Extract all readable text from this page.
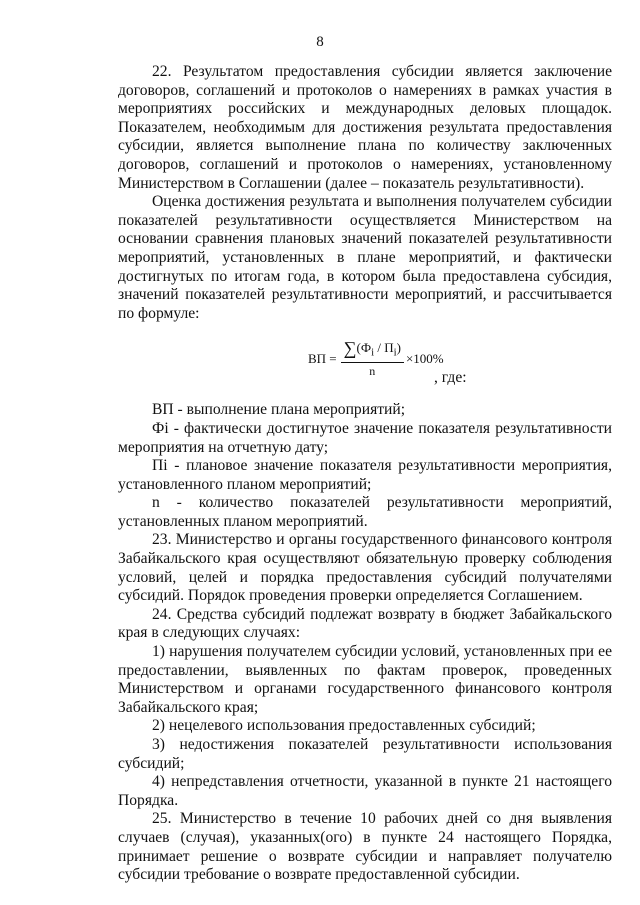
8

22. Результатом предоставления субсидии является заключение договоров, соглашений и протоколов о намерениях в рамках участия в мероприятиях российских и международных деловых площадок. Показателем, необходимым для достижения результата предоставления субсидии, является выполнение плана по количеству заключенных договоров, соглашений и протоколов о намерениях, установленному Министерством в Соглашении (далее – показатель результативности).

Оценка достижения результата и выполнения получателем субсидии показателей результативности осуществляется Министерством на основании сравнения плановых значений показателей результативности мероприятий, установленных в плане мероприятий, и фактически достигнутых по итогам года, в котором была предоставлена субсидия, значений показателей результативности мероприятий, и рассчитывается по формуле:

ВП = $\frac{\sum(Ф_i / П_i)}{n} \times 100\%$
, где:

ВП - выполнение плана мероприятий;

Фi - фактически достигнутое значение показателя результативности мероприятия на отчетную дату;

Пi - плановое значение показателя результативности мероприятия, установленного планом мероприятий;

n - количество показателей результативности мероприятий, установленных планом мероприятий.

23. Министерство и органы государственного финансового контроля Забайкальского края осуществляют обязательную проверку соблюдения условий, целей и порядка предоставления субсидий получателями субсидий. Порядок проведения проверки определяется Соглашением.

24. Средства субсидий подлежат возврату в бюджет Забайкальского края в следующих случаях:

1) нарушения получателем субсидии условий, установленных при ее предоставлении, выявленных по фактам проверок, проведенных Министерством и органами государственного финансового контроля Забайкальского края;

2) нецелевого использования предоставленных субсидий;

3) недостижения показателей результативности использования субсидий;

4) непредставления отчетности, указанной в пункте 21 настоящего Порядка.

25. Министерство в течение 10 рабочих дней со дня выявления случаев (случая), указанных(ого) в пункте 24 настоящего Порядка, принимает решение о возврате субсидии и направляет получателю субсидии требование о возврате предоставленной субсидии.
